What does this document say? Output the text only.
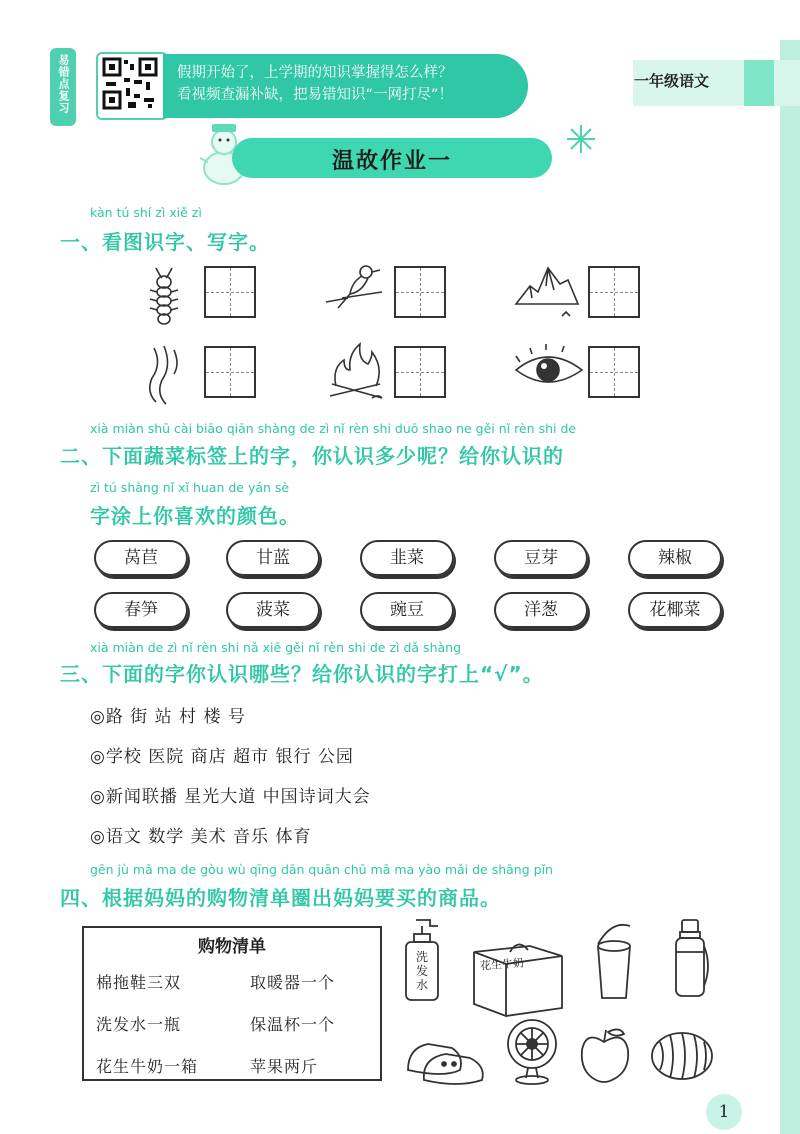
易错点复习	假期开始了，上学期的知识掌握得怎么样？
看视频查漏补缺，把易错知识“一网打尽”！
一年级语文
温故作业一
kàn tú shí zì xiě zì
一、看图识字、写字。
xià miàn shū cài biāo qiān shàng de zì nǐ rèn shi duō shao ne gěi nǐ rèn shi de
二、下面蔬菜标签上的字，你认识多少呢？给你认识的
zì tú shàng nǐ xǐ huan de yán sè
字涂上你喜欢的颜色。
莴苣	甘蓝	韭菜	豆芽	辣椒
春笋	菠菜	豌豆	洋葱	花椰菜
xià miàn de zì nǐ rèn shi nǎ xiē gěi nǐ rèn shi de zì dǎ shàng
三、下面的字你认识哪些？给你认识的字打上“√”。
◎路 街 站 村 楼 号
◎学校 医院 商店 超市 银行 公园
◎新闻联播 星光大道 中国诗词大会
◎语文 数学 美术 音乐 体育
gēn jù mā ma de gòu wù qīng dān quān chū mā ma yào mǎi de shāng pǐn
四、根据妈妈的购物清单圈出妈妈要买的商品。
购物清单
棉拖鞋三双	取暖器一个
洗发水一瓶	保温杯一个
花生牛奶一箱	苹果两斤
洗发水
花生牛奶
1
